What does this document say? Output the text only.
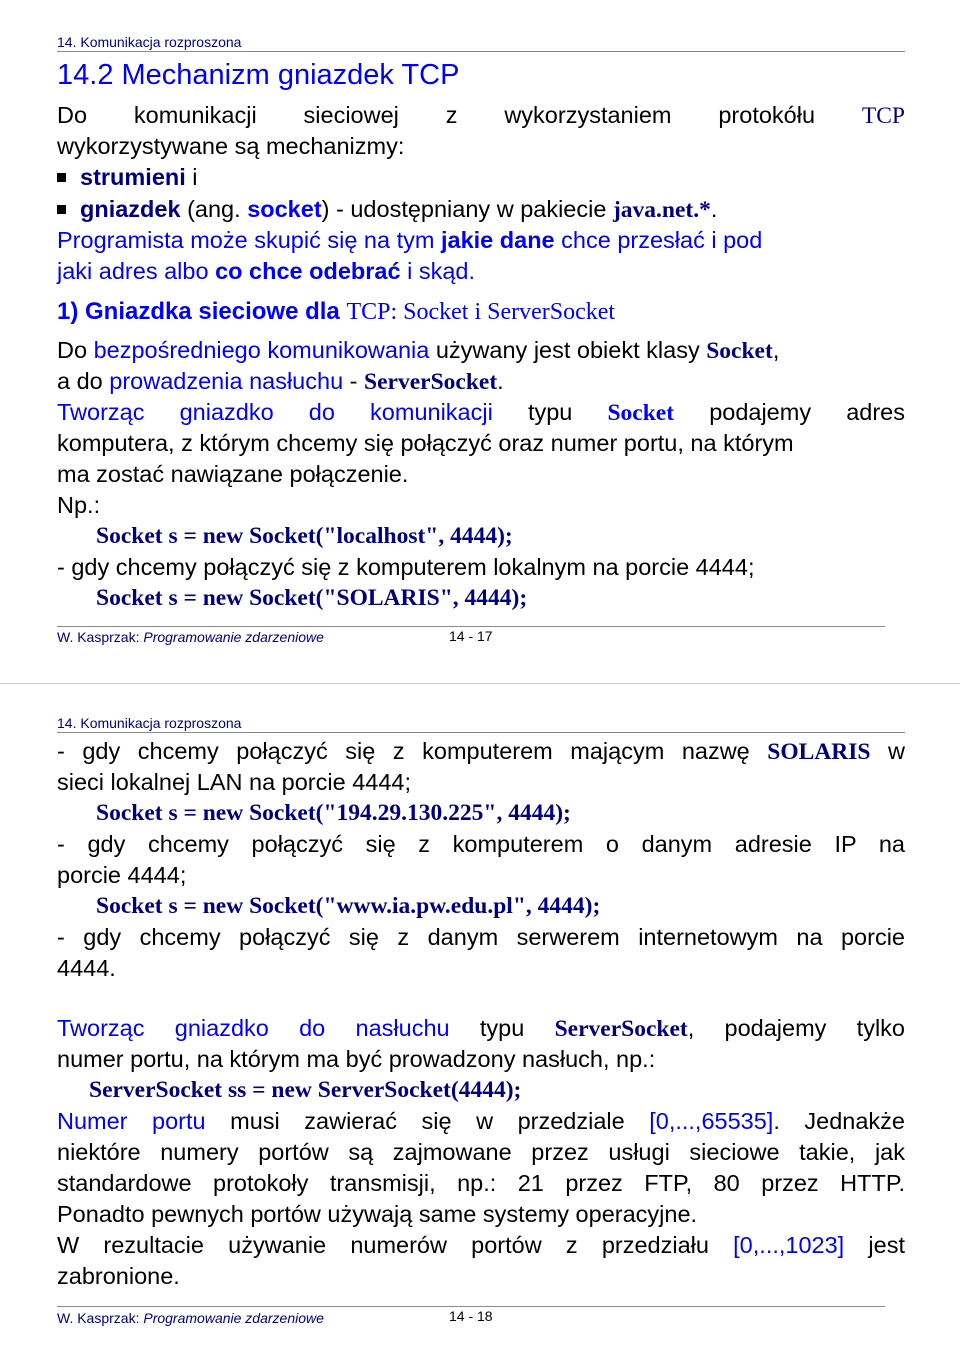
14. Komunikacja rozproszona
14.2 Mechanizm gniazdek TCP
Do komunikacji sieciowej z wykorzystaniem protokółu TCP
wykorzystywane są mechanizmy:
strumieni i
gniazdek (ang. socket) - udostępniany w pakiecie java.net.*.
Programista może skupić się na tym jakie dane chce przesłać i pod
jaki adres albo co chce odebrać i skąd.
1) Gniazdka sieciowe dla TCP: Socket i ServerSocket
Do bezpośredniego komunikowania używany jest obiekt klasy Socket,
a do prowadzenia nasłuchu - ServerSocket.
Tworząc gniazdko do komunikacji typu Socket podajemy adres
komputera, z którym chcemy się połączyć oraz numer portu, na którym
ma zostać nawiązane połączenie.
Np.:
Socket s = new Socket("localhost", 4444);
- gdy chcemy połączyć się z komputerem lokalnym na porcie 4444;
Socket s = new Socket("SOLARIS", 4444);
W. Kasprzak: Programowanie zdarzeniowe	14 - 17
14. Komunikacja rozproszona
- gdy chcemy połączyć się z komputerem mającym nazwę SOLARIS w
sieci lokalnej LAN na porcie 4444;
Socket s = new Socket("194.29.130.225", 4444);
- gdy chcemy połączyć się z komputerem o danym adresie IP na
porcie 4444;
Socket s = new Socket("www.ia.pw.edu.pl", 4444);
- gdy chcemy połączyć się z danym serwerem internetowym na porcie
4444.
Tworząc gniazdko do nasłuchu typu ServerSocket, podajemy tylko
numer portu, na którym ma być prowadzony nasłuch, np.:
ServerSocket ss = new ServerSocket(4444);
Numer portu musi zawierać się w przedziale [0,...,65535]. Jednakże
niektóre numery portów są zajmowane przez usługi sieciowe takie, jak
standardowe protokoły transmisji, np.: 21 przez FTP, 80 przez HTTP.
Ponadto pewnych portów używają same systemy operacyjne.
W rezultacie używanie numerów portów z przedziału [0,...,1023] jest
zabronione.
W. Kasprzak: Programowanie zdarzeniowe	14 - 18
